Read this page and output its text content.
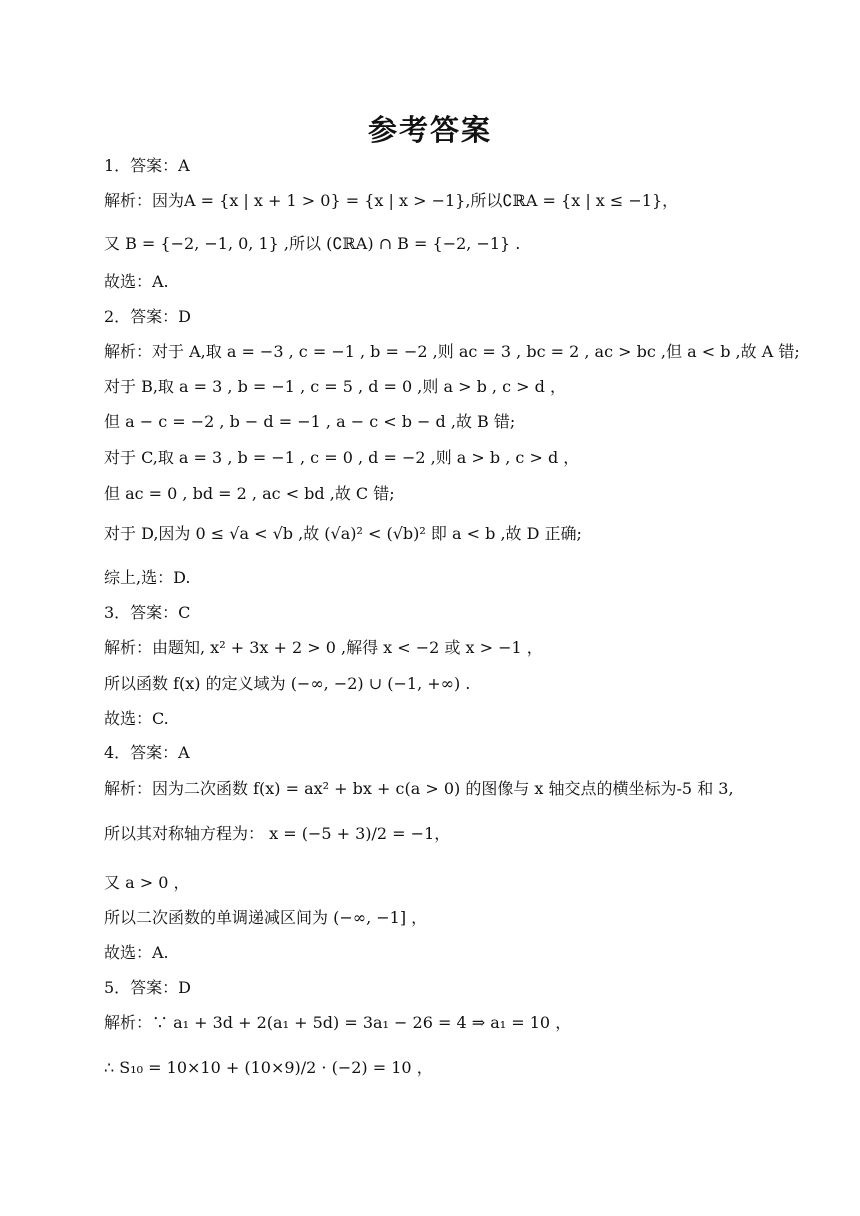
参考答案
1．答案：A
解析：因为A = {x | x + 1 > 0} = {x | x > −1},所以∁ℝA = {x | x ≤ −1}，
又 B = {−2, −1, 0, 1} ,所以 (∁ℝA) ∩ B = {−2, −1} .
故选：A.
2．答案：D
解析：对于 A,取 a = −3 , c = −1 , b = −2 ,则 ac = 3 , bc = 2 , ac > bc ,但 a < b ,故 A 错;
对于 B,取 a = 3 , b = −1 , c = 5 , d = 0 ,则 a > b , c > d ，
但 a − c = −2 , b − d = −1 , a − c < b − d ,故 B 错;
对于 C,取 a = 3 , b = −1 , c = 0 , d = −2 ,则 a > b , c > d ，
但 ac = 0 , bd = 2 , ac < bd ,故 C 错;
对于 D,因为 0 ≤ √a < √b ,故 (√a)² < (√b)² 即 a < b ,故 D 正确;
综上,选：D.
3．答案：C
解析：由题知, x² + 3x + 2 > 0 ,解得 x < −2 或 x > −1 ，
所以函数 f(x) 的定义域为 (−∞, −2) ∪ (−1, +∞) .
故选：C.
4．答案：A
解析：因为二次函数 f(x) = ax² + bx + c(a > 0) 的图像与 x 轴交点的横坐标为-5 和 3,
所以其对称轴方程为： x = (−5 + 3)/2 = −1，
又 a > 0 ，
所以二次函数的单调递减区间为 (−∞, −1] ，
故选：A.
5．答案：D
解析：∵ a₁ + 3d + 2(a₁ + 5d) = 3a₁ − 26 = 4 ⇒ a₁ = 10 ，
∴ S₁₀ = 10×10 + (10×9)/2 · (−2) = 10 ，
